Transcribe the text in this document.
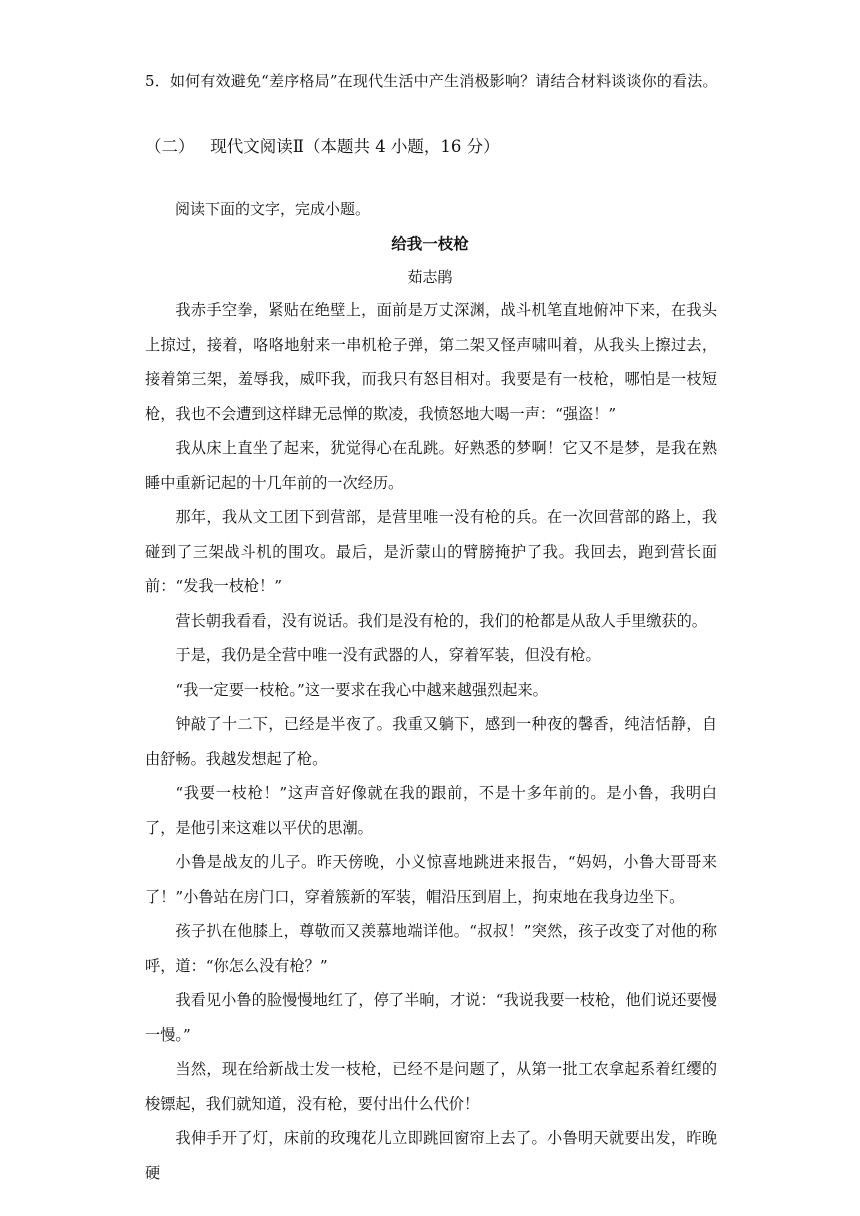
5．如何有效避免“差序格局”在现代生活中产生消极影响？请结合材料谈谈你的看法。
（二）   现代文阅读Ⅱ（本题共 4 小题，16 分）
阅读下面的文字，完成小题。
给我一枝枪
茹志鹃

我赤手空拳，紧贴在绝壁上，面前是万丈深渊，战斗机笔直地俯冲下来，在我头上掠过，接着，咯咯地射来一串机枪子弹，第二架又怪声啸叫着，从我头上擦过去，接着第三架，羞辱我，威吓我，而我只有怒目相对。我要是有一枝枪，哪怕是一枝短枪，我也不会遭到这样肆无忌惮的欺凌，我愤怒地大喝一声：“强盗！”

我从床上直坐了起来，犹觉得心在乱跳。好熟悉的梦啊！它又不是梦，是我在熟睡中重新记起的十几年前的一次经历。

那年，我从文工团下到营部，是营里唯一没有枪的兵。在一次回营部的路上，我碰到了三架战斗机的围攻。最后，是沂蒙山的臂膀掩护了我。我回去，跑到营长面前：“发我一枝枪！”

营长朝我看看，没有说话。我们是没有枪的，我们的枪都是从敌人手里缴获的。

于是，我仍是全营中唯一没有武器的人，穿着军装，但没有枪。

“我一定要一枝枪。”这一要求在我心中越来越强烈起来。

钟敲了十二下，已经是半夜了。我重又躺下，感到一种夜的馨香，纯洁恬静，自由舒畅。我越发想起了枪。

“我要一枝枪！”这声音好像就在我的跟前，不是十多年前的。是小鲁，我明白了，是他引来这难以平伏的思潮。

小鲁是战友的儿子。昨天傍晚，小义惊喜地跳进来报告，“妈妈，小鲁大哥哥来了！”小鲁站在房门口，穿着簇新的军装，帽沿压到眉上，拘束地在我身边坐下。

孩子扒在他膝上，尊敬而又羡慕地端详他。“叔叔！”突然，孩子改变了对他的称呼，道：“你怎么没有枪？”

我看见小鲁的脸慢慢地红了，停了半晌，才说：“我说我要一枝枪，他们说还要慢一慢。”

当然，现在给新战士发一枝枪，已经不是问题了，从第一批工农拿起系着红缨的梭镖起，我们就知道，没有枪，要付出什么代价！

我伸手开了灯，床前的玫瑰花儿立即跳回窗帘上去了。小鲁明天就要出发，昨晚硬
